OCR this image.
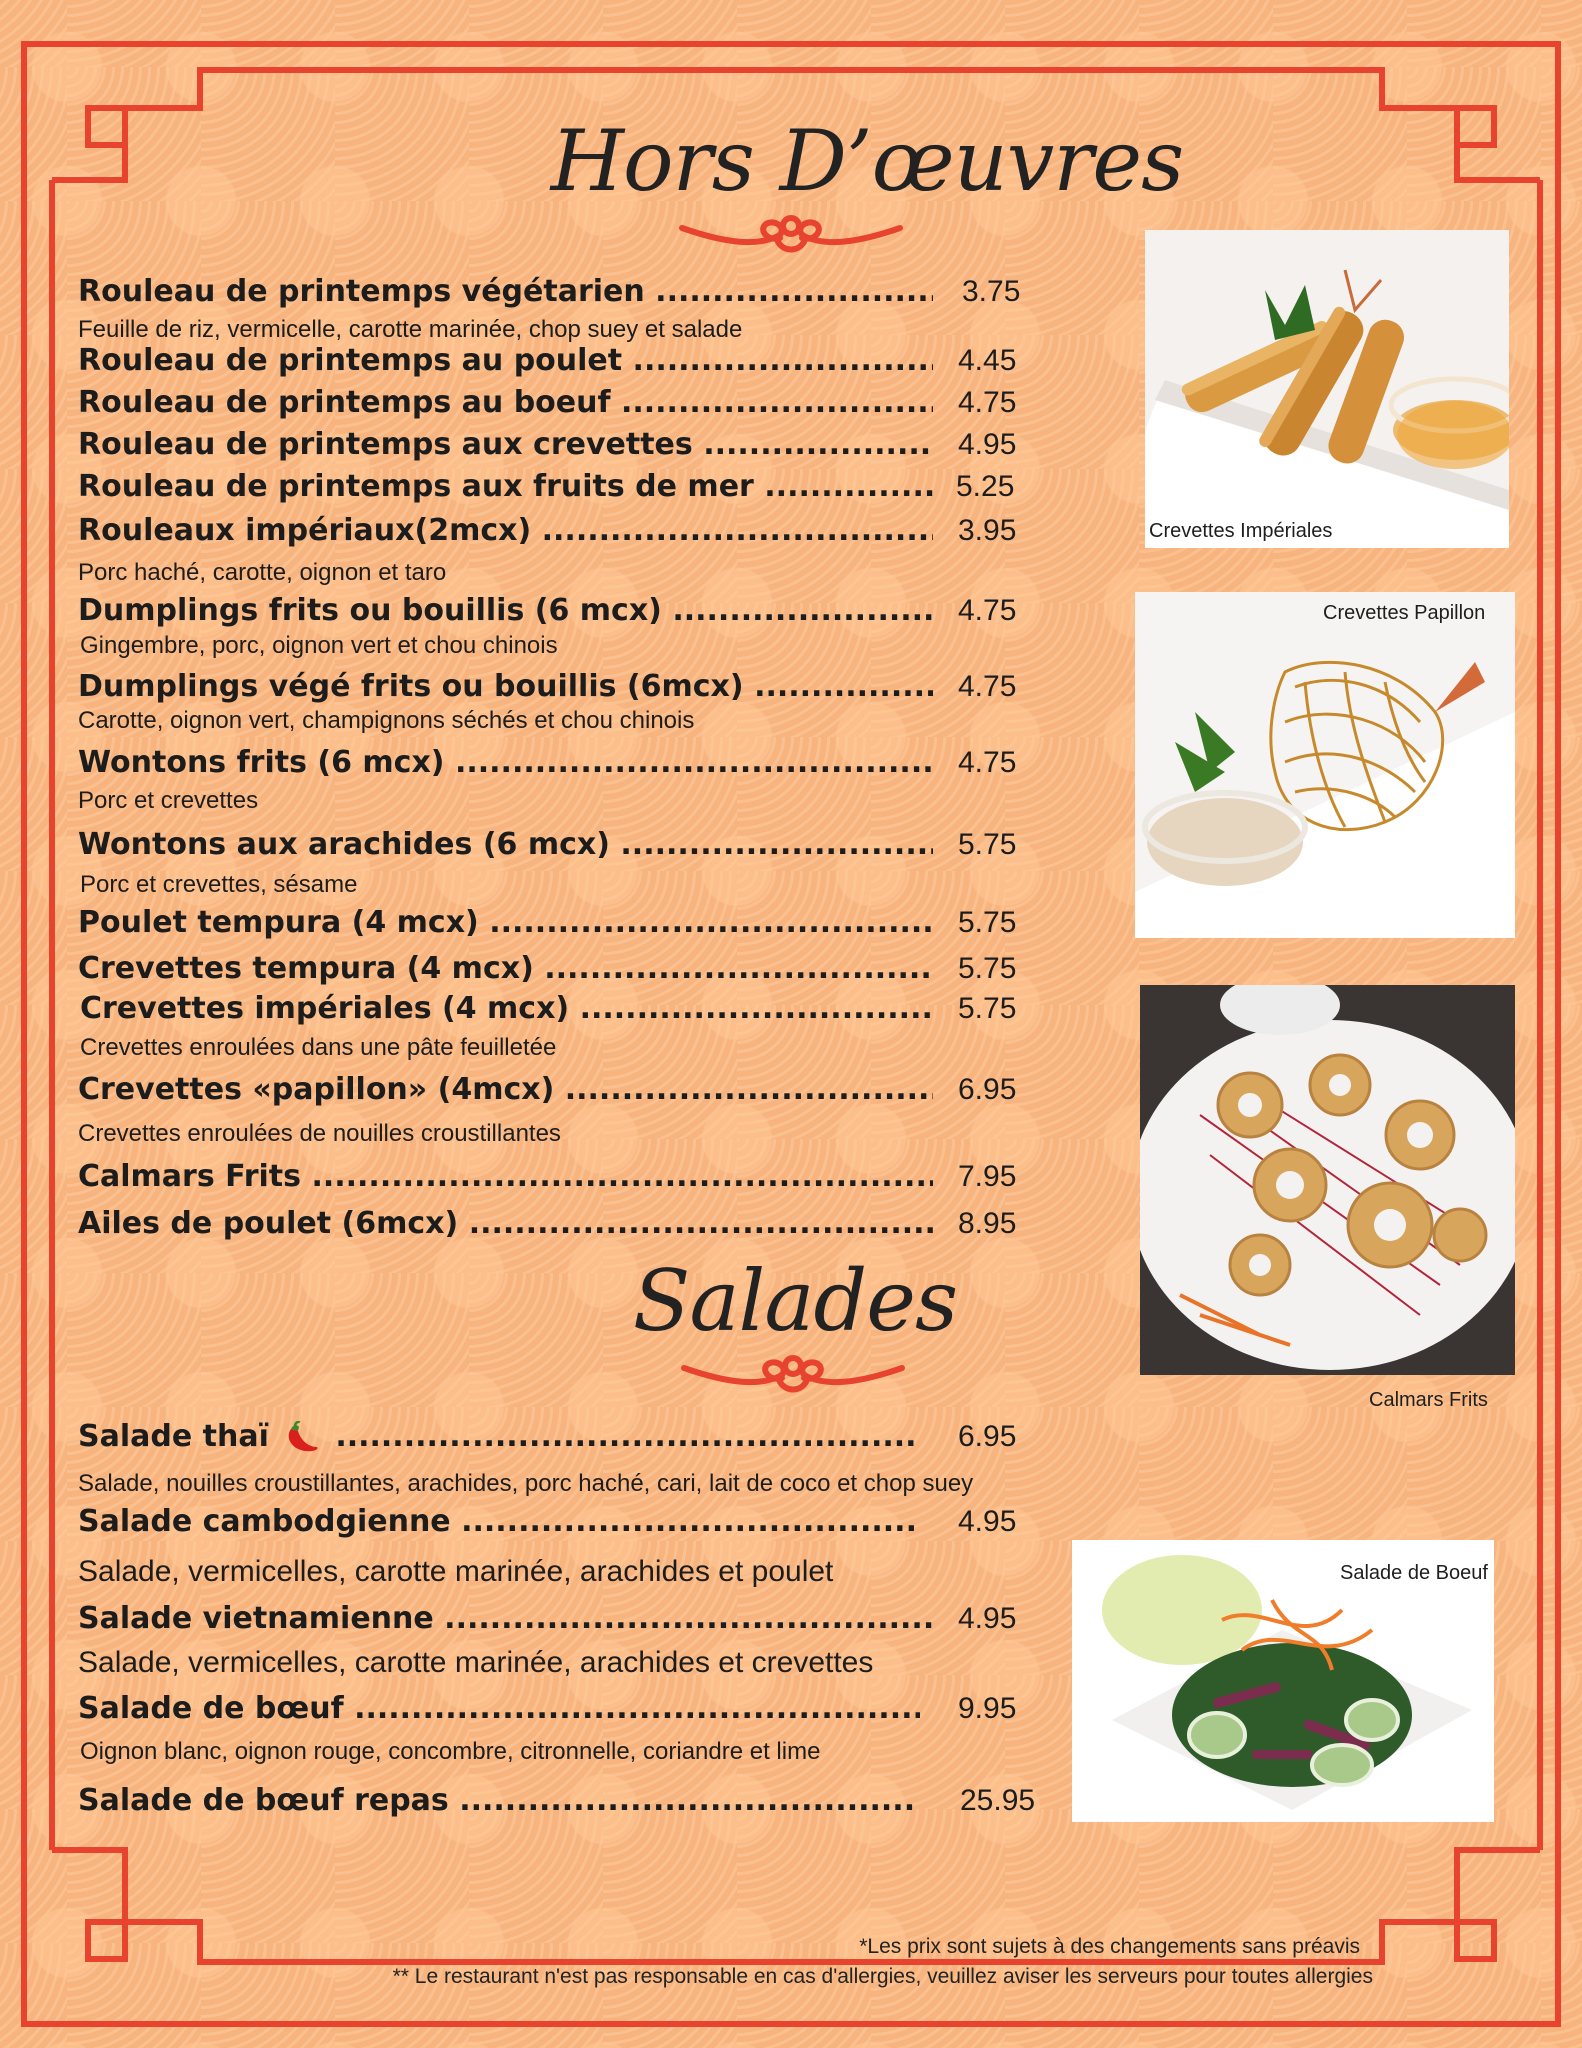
Hors D’œuvres
Salades
Rouleau de printemps végétarien .....	3.75
Feuille de riz, vermicelle, carotte marinée, chop suey et salade
Rouleau de printemps au poulet .....	4.45
Rouleau de printemps au boeuf .....	4.75
Rouleau de printemps aux crevettes .....	4.95
Rouleau de printemps aux fruits de mer .....	5.25
Rouleaux impériaux(2mcx) .....	3.95
Porc haché, carotte, oignon et taro
Dumplings frits ou bouillis (6 mcx) .....	4.75
Gingembre, porc, oignon vert et chou chinois
Dumplings végé frits ou bouillis (6mcx) .....	4.75
Carotte, oignon vert, champignons séchés et chou chinois
Wontons frits (6 mcx) .....	4.75
Porc et crevettes
Wontons aux arachides (6 mcx) .....	5.75
Porc et crevettes, sésame
Poulet tempura (4 mcx) .....	5.75
Crevettes tempura (4 mcx) .....	5.75
Crevettes impériales (4 mcx) .....	5.75
Crevettes enroulées dans une pâte feuilletée
Crevettes «papillon» (4mcx) .....	6.95
Crevettes enroulées de nouilles croustillantes
Calmars Frits .....	7.95
Ailes de poulet (6mcx) .....	8.95
Salade thaï .....	6.95
Salade, nouilles croustillantes, arachides, porc haché, cari, lait de coco et chop suey
Salade cambodgienne .....	4.95
Salade, vermicelles, carotte marinée, arachides et poulet
Salade vietnamienne .....	4.95
Salade, vermicelles, carotte marinée, arachides et crevettes
Salade de bœuf .....	9.95
Oignon blanc, oignon rouge, concombre, citronnelle, coriandre et lime
Salade de bœuf repas .....	25.95
Crevettes Impériales
Crevettes Papillon
Calmars Frits
Salade de Boeuf
*Les prix sont sujets à des changements sans préavis
** Le restaurant n'est pas responsable en cas d'allergies, veuillez aviser les serveurs pour toutes allergies
